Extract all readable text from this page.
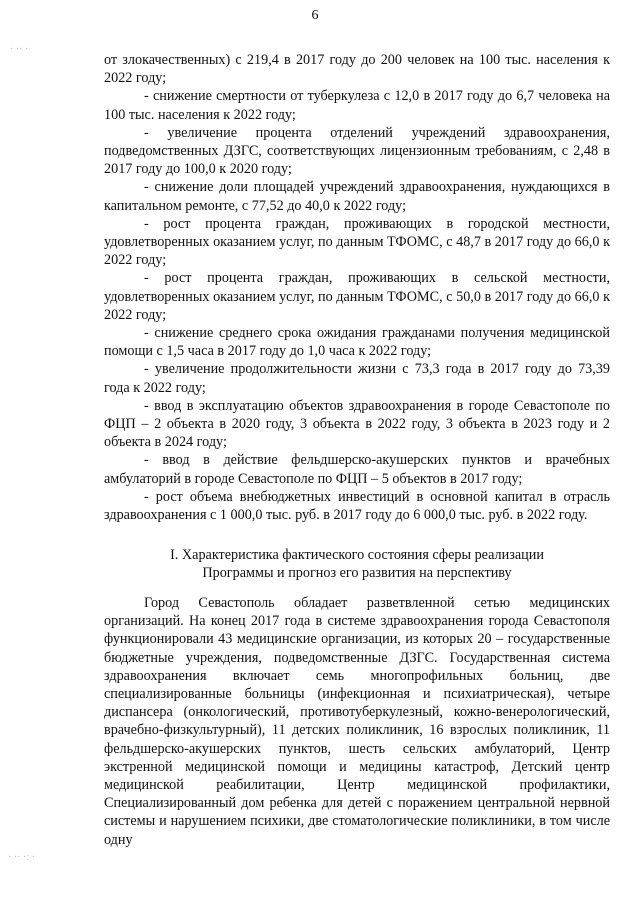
6
· ·· ·
· ·· ·: ·

от злокачественных) с 219,4 в 2017 году до 200 человек на 100 тыс. населения к 2022 году;

- снижение смертности от туберкулеза с 12,0 в 2017 году до 6,7 человека на 100 тыс. населения к 2022 году;

- увеличение процента отделений учреждений здравоохранения, подведомственных ДЗГС, соответствующих лицензионным требованиям, с 2,48 в 2017 году до 100,0 к 2020 году;

- снижение доли площадей учреждений здравоохранения, нуждающихся в капитальном ремонте, с 77,52 до 40,0 к 2022 году;

- рост процента граждан, проживающих в городской местности, удовлетворенных оказанием услуг, по данным ТФОМС, с 48,7 в 2017 году до 66,0 к 2022 году;

- рост процента граждан, проживающих в сельской местности, удовлетворенных оказанием услуг, по данным ТФОМС, с 50,0 в 2017 году до 66,0 к 2022 году;

- снижение среднего срока ожидания гражданами получения медицинской помощи с 1,5 часа в 2017 году до 1,0 часа к 2022 году;

- увеличение продолжительности жизни с 73,3 года в 2017 году до 73,39 года к 2022 году;

- ввод в эксплуатацию объектов здравоохранения в городе Севастополе по ФЦП – 2 объекта в 2020 году, 3 объекта в 2022 году, 3 объекта в 2023 году и 2 объекта в 2024 году;

- ввод в действие фельдшерско-акушерских пунктов и врачебных амбулаторий в городе Севастополе по ФЦП – 5 объектов в 2017 году;

- рост объема внебюджетных инвестиций в основной капитал в отрасль здравоохранения с 1 000,0 тыс. руб. в 2017 году до 6 000,0 тыс. руб. в 2022 году.

I. Характеристика фактического состояния сферы реализации

Программы и прогноз его развития на перспективу

Город Севастополь обладает разветвленной сетью медицинских организаций. На конец 2017 года в системе здравоохранения города Севастополя функционировали 43 медицинские организации, из которых 20 – государственные бюджетные учреждения, подведомственные ДЗГС. Государственная система здравоохранения включает семь многопрофильных больниц, две специализированные больницы (инфекционная и психиатрическая), четыре диспансера (онкологический, противотуберкулезный, кожно-венерологический, врачебно-физкультурный), 11 детских поликлиник, 16 взрослых поликлиник, 11 фельдшерско-акушерских пунктов, шесть сельских амбулаторий, Центр экстренной медицинской помощи и медицины катастроф, Детский центр медицинской реабилитации, Центр медицинской профилактики, Специализированный дом ребенка для детей с поражением центральной нервной системы и нарушением психики, две стоматологические поликлиники, в том числе одну
